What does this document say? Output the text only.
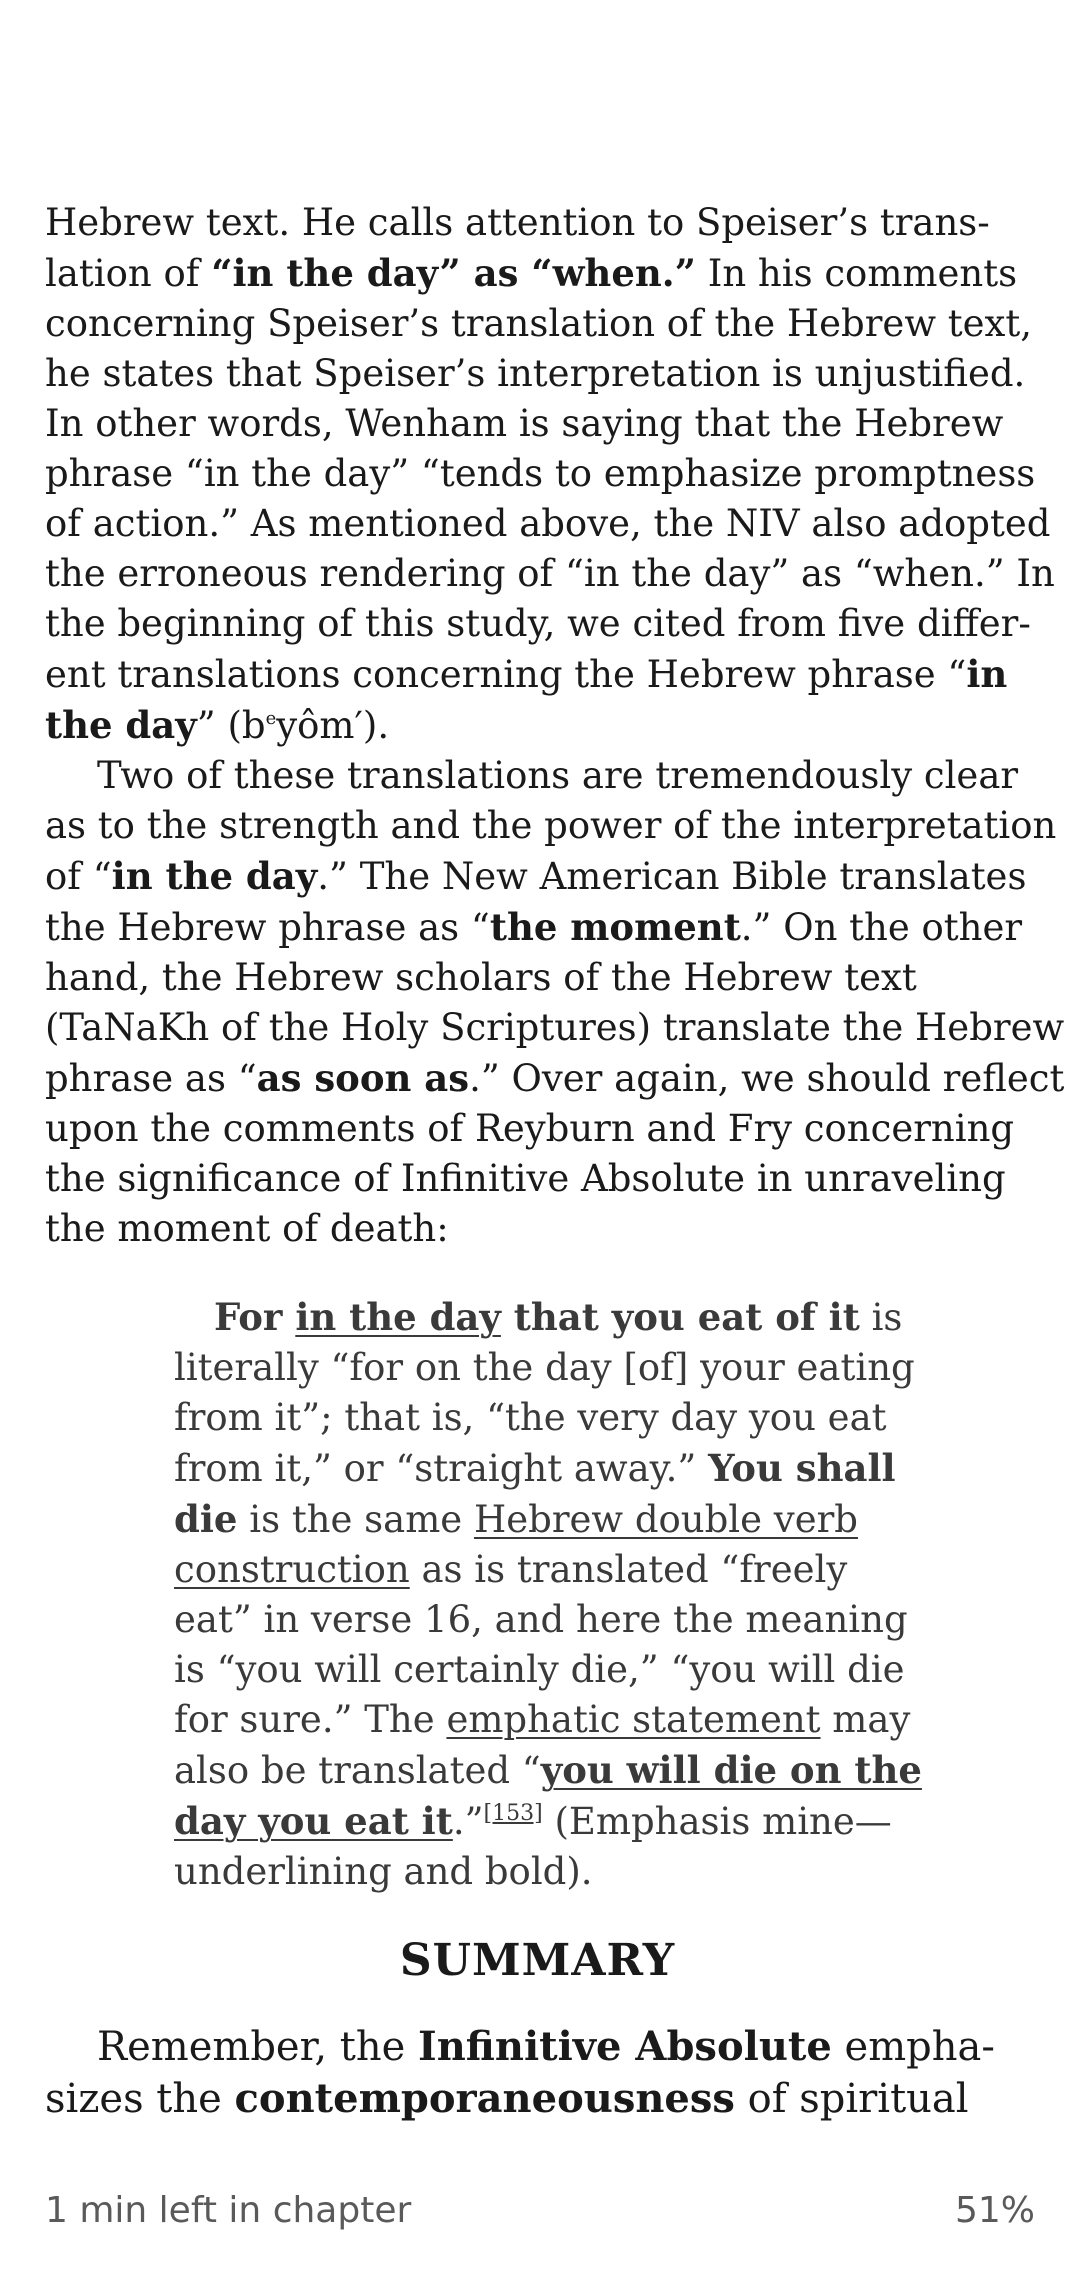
Hebrew text. He calls attention to Speiser’s trans-

lation of “in the day” as “when.” In his comments

concerning Speiser’s translation of the Hebrew text,

he states that Speiser’s interpretation is unjustified.

In other words, Wenham is saying that the Hebrew

phrase “in the day” “tends to emphasize promptness

of action.” As mentioned above, the NIV also adopted

the erroneous rendering of “in the day” as “when.” In

the beginning of this study, we cited from five differ-

ent translations concerning the Hebrew phrase “in

the day” $(b^eyôm')$.

Two of these translations are tremendously clear

as to the strength and the power of the interpretation

of “in the day.” The New American Bible translates

the Hebrew phrase as “the moment.” On the other

hand, the Hebrew scholars of the Hebrew text

(TaNaKh of the Holy Scriptures) translate the Hebrew

phrase as “as soon as.” Over again, we should reflect

upon the comments of Reyburn and Fry concerning

the significance of Infinitive Absolute in unraveling

the moment of death:

For in the day that you eat of it is

literally “for on the day [of] your eating

from it”; that is, “the very day you eat

from it,” or “straight away.” You shall

die is the same Hebrew double verb

construction as is translated “freely

eat” in verse 16, and here the meaning

is “you will certainly die,” “you will die

for sure.” The emphatic statement may

also be translated “you will die on the

day you eat it.”[153] (Emphasis mine—

underlining and bold).

SUMMARY

Remember, the Infinitive Absolute empha-

sizes the contemporaneousness of spiritual

1 min left in chapter	51%
